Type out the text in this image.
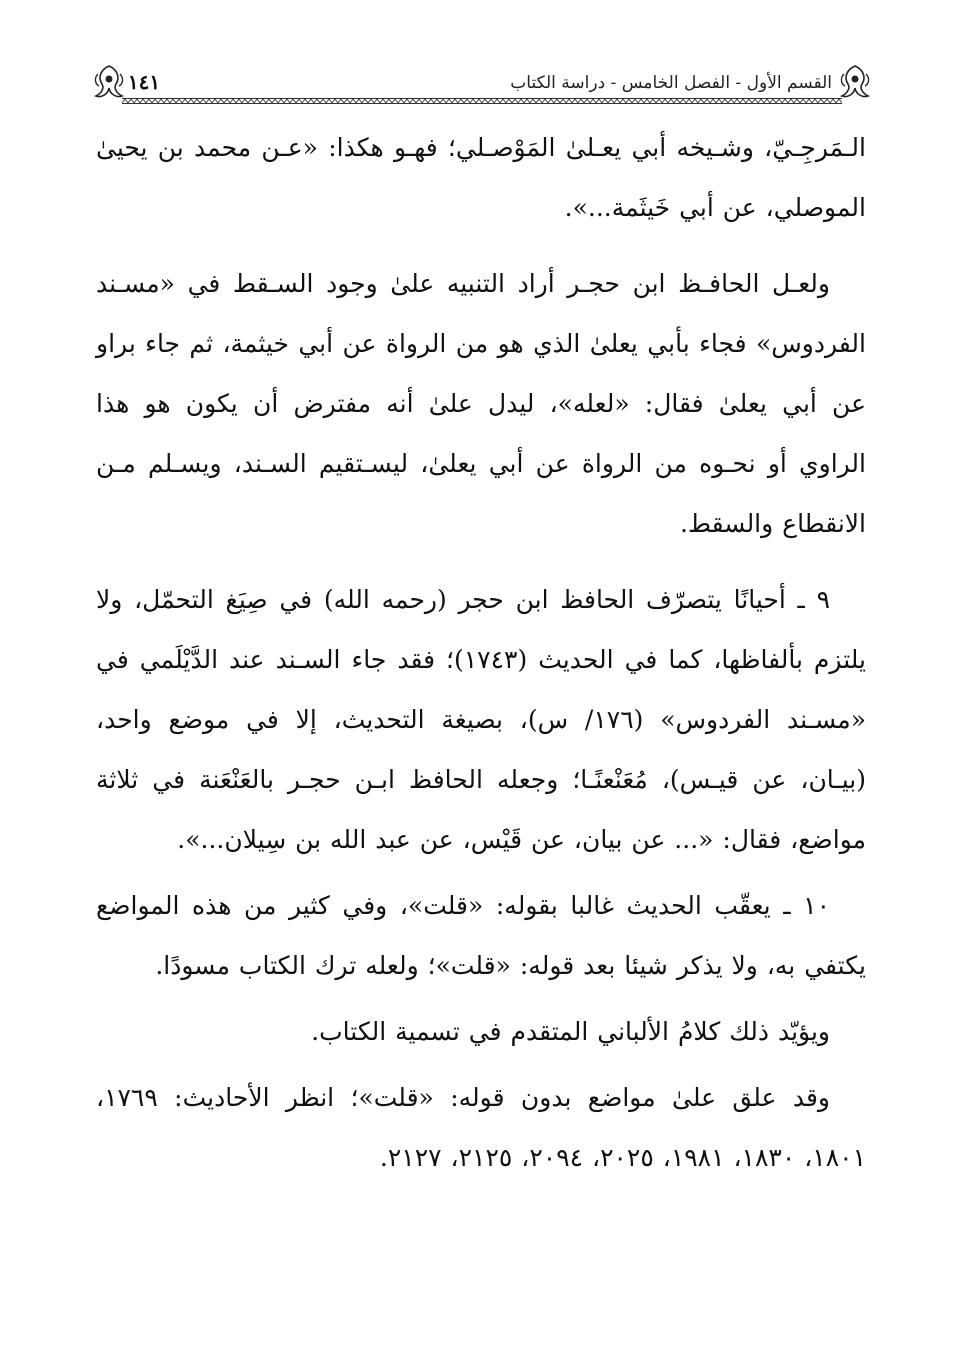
القسم الأول - الفصل الخامس - دراسة الكتاب
١٤١

الـمَرجِـيّ، وشـيخه أبي يعـلىٰ المَوْصـلي؛ فهـو هكذا: «عـن محمد بن يحيىٰ الموصلي، عن أبي خَيثَمة...».

ولعـل الحافـظ ابن حجـر أراد التنبيه علىٰ وجود السـقط في «مسـند الفردوس» فجاء بأبي يعلىٰ الذي هو من الرواة عن أبي خيثمة، ثم جاء براو عن أبي يعلىٰ فقال: «لعله»، ليدل علىٰ أنه مفترض أن يكون هو هذا الراوي أو نحـوه من الرواة عن أبي يعلىٰ، ليسـتقيم السـند، ويسـلم مـن الانقطاع والسقط.

٩ ـ أحيانًا يتصرّف الحافظ ابن حجر (رحمه الله) في صِيَغ التحمّل، ولا يلتزم بألفاظها، كما في الحديث (١٧٤٣)؛ فقد جاء السـند عند الدَّيْلَمي في «مسـند الفردوس» (١٧٦/ س)، بصيغة التحديث، إلا في موضع واحد، (بيـان، عن قيـس)، مُعَنْعنًـا؛ وجعله الحافظ ابـن حجـر بالعَنْعَنة في ثلاثة مواضع، فقال: «... عن بيان، عن قَيْس، عن عبد الله بن سِيلان...».

١٠ ـ يعقّب الحديث غالبا بقوله: «قلت»، وفي كثير من هذه المواضع يكتفي به، ولا يذكر شيئا بعد قوله: «قلت»؛ ولعله ترك الكتاب مسودًا.

ويؤيّد ذلك كلامُ الألباني المتقدم في تسمية الكتاب.

وقد علق علىٰ مواضع بدون قوله: «قلت»؛ انظر الأحاديث: ١٧٦٩، ١٨٠١، ١٨٣٠، ١٩٨١، ٢٠٢٥، ٢٠٩٤، ٢١٢٥، ٢١٢٧.
